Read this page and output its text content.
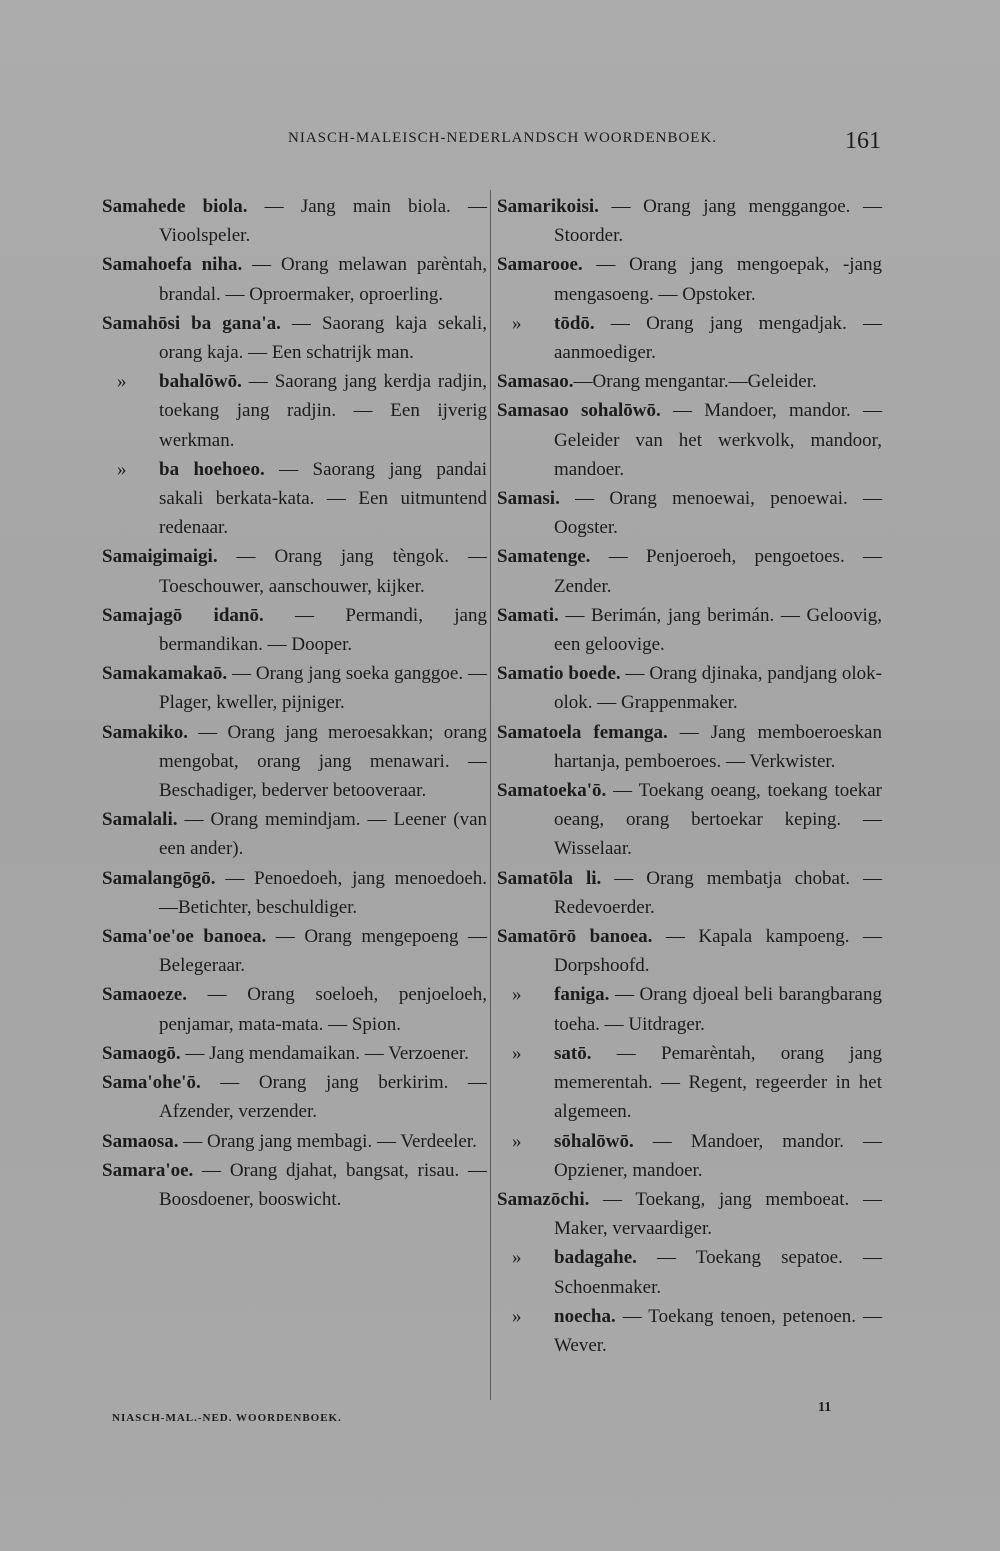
NIASCH-MALEISCH-NEDERLANDSCH WOORDENBOEK.	161
Samahede biola. — Jang main biola. — Vioolspeler.
Samahoefa niha. — Orang melawan parèntah, brandal. — Oproermaker, oproerling.
Samahōsi ba gana'a. — Saorang kaja sekali, orang kaja. — Een schatrijk man.
» bahalōwō. — Saorang jang kerdja radjin, toekang jang radjin. — Een ijverig werkman.
» ba hoehoeo. — Saorang jang pandai sakali berkata-kata. — Een uitmuntend redenaar.
Samaigimaigi. — Orang jang tèngok. — Toeschouwer, aanschouwer, kijker.
Samajagō idanō. — Permandi, jang bermandikan. — Dooper.
Samakamakaō. — Orang jang soeka ganggoe. — Plager, kweller, pijniger.
Samakiko. — Orang jang meroesakkan; orang mengobat, orang jang menawari. — Beschadiger, bederver betooveraar.
Samalali. — Orang memindjam. — Leener (van een ander).
Samalangōgō. — Penoedoeh, jang menoedoeh. —Betichter, beschuldiger.
Sama'oe'oe banoea. — Orang mengepoeng — Belegeraar.
Samaoeze. — Orang soeloeh, penjoeloeh, penjamar, mata-mata. — Spion.
Samaogō. — Jang mendamaikan. — Verzoener.
Sama'ohe'ō. — Orang jang berkirim. — Afzender, verzender.
Samaosa. — Orang jang membagi. — Verdeeler.
Samara'oe. — Orang djahat, bangsat, risau. — Boosdoener, booswicht.
Samarikoisi. — Orang jang menggangoe. — Stoorder.
Samarooe. — Orang jang mengoepak, -jang mengasoeng. — Opstoker.
» tōdō. — Orang jang mengadjak. — aanmoediger.
Samasao.—Orang mengantar.—Geleider.
Samasao sohalōwō. — Mandoer, mandor. — Geleider van het werkvolk, mandoor, mandoer.
Samasi. — Orang menoewai, penoewai. — Oogster.
Samatenge. — Penjoeroeh, pengoetoes. — Zender.
Samati. — Berimán, jang berimán. — Geloovig, een geloovige.
Samatio boede. — Orang djinaka, pandjang olok-olok. — Grappenmaker.
Samatoela femanga. — Jang memboeroeskan hartanja, pemboeroes. — Verkwister.
Samatoeka'ō. — Toekang oeang, toekang toekar oeang, orang bertoekar keping. — Wisselaar.
Samatōla li. — Orang membatja chobat. — Redevoerder.
Samatōrō banoea. — Kapala kampoeng. — Dorpshoofd.
» faniga. — Orang djoeal beli barangbarang toeha. — Uitdrager.
» satō. — Pemarèntah, orang jang memerentah. — Regent, regeerder in het algemeen.
» sōhalōwō. — Mandoer, mandor. — Opziener, mandoer.
Samazōchi. — Toekang, jang memboeat. — Maker, vervaardiger.
» badagahe. — Toekang sepatoe. — Schoenmaker.
» noecha. — Toekang tenoen, petenoen. — Wever.
NIASCH-MAL.-NED. WOORDENBOEK.
11
